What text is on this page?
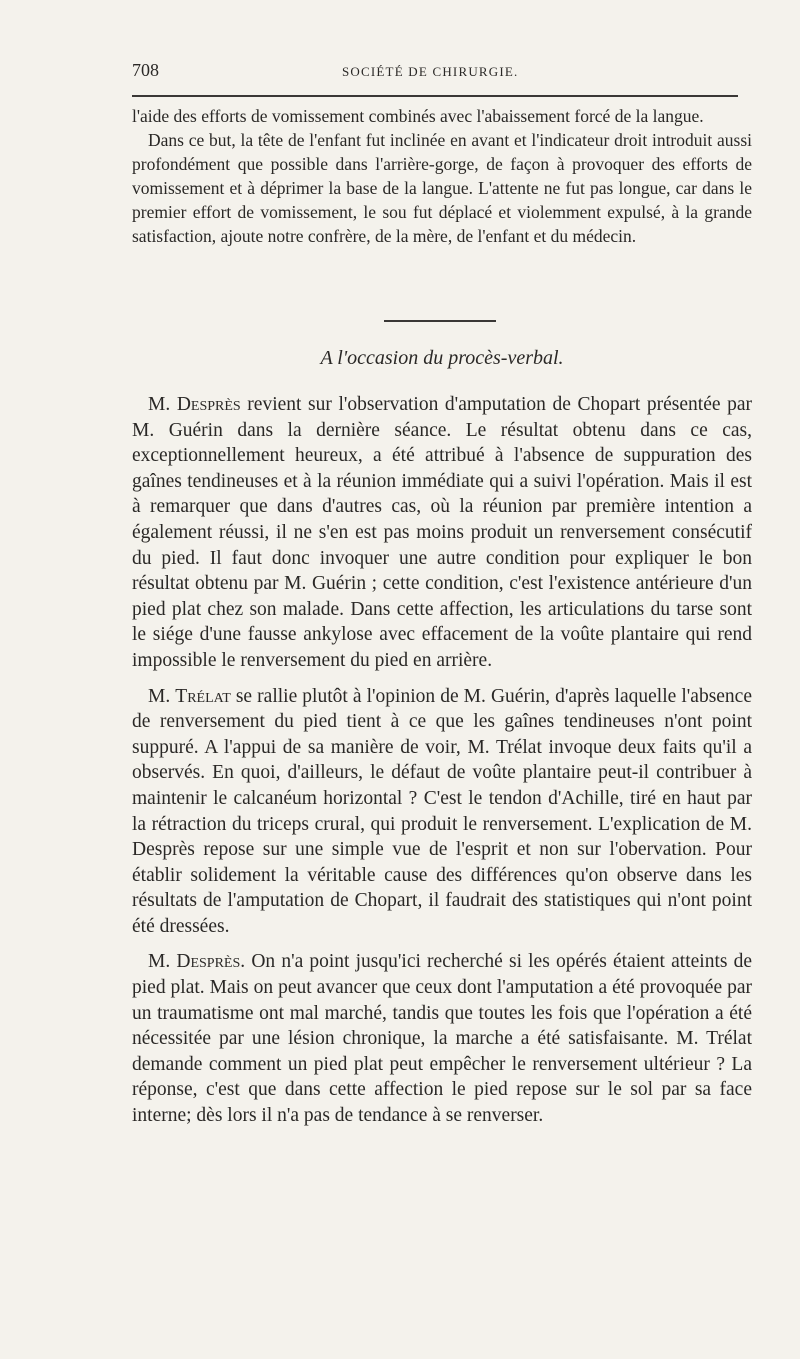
708	SOCIÉTÉ DE CHIRURGIE.

l'aide des efforts de vomissement combinés avec l'abaissement forcé de la langue.

Dans ce but, la tête de l'enfant fut inclinée en avant et l'indicateur droit introduit aussi profondément que possible dans l'arrière-gorge, de façon à provoquer des efforts de vomissement et à déprimer la base de la langue. L'attente ne fut pas longue, car dans le premier effort de vomissement, le sou fut déplacé et violemment expulsé, à la grande satisfaction, ajoute notre confrère, de la mère, de l'enfant et du médecin.

A l'occasion du procès-verbal.

M. Desprès revient sur l'observation d'amputation de Chopart présentée par M. Guérin dans la dernière séance. Le résultat obtenu dans ce cas, exceptionnellement heureux, a été attribué à l'absence de suppuration des gaînes tendineuses et à la réunion immédiate qui a suivi l'opération. Mais il est à remarquer que dans d'autres cas, où la réunion par première intention a également réussi, il ne s'en est pas moins produit un renversement consécutif du pied. Il faut donc invoquer une autre condition pour expliquer le bon résultat obtenu par M. Guérin ; cette condition, c'est l'existence antérieure d'un pied plat chez son malade. Dans cette affection, les articulations du tarse sont le siége d'une fausse ankylose avec effacement de la voûte plantaire qui rend impossible le renversement du pied en arrière.

M. Trélat se rallie plutôt à l'opinion de M. Guérin, d'après laquelle l'absence de renversement du pied tient à ce que les gaînes tendineuses n'ont point suppuré. A l'appui de sa manière de voir, M. Trélat invoque deux faits qu'il a observés. En quoi, d'ailleurs, le défaut de voûte plantaire peut-il contribuer à maintenir le calcanéum horizontal ? C'est le tendon d'Achille, tiré en haut par la rétraction du triceps crural, qui produit le renversement. L'explication de M. Desprès repose sur une simple vue de l'esprit et non sur l'obervation. Pour établir solidement la véritable cause des différences qu'on observe dans les résultats de l'amputation de Chopart, il faudrait des statistiques qui n'ont point été dressées.

M. Desprès. On n'a point jusqu'ici recherché si les opérés étaient atteints de pied plat. Mais on peut avancer que ceux dont l'amputation a été provoquée par un traumatisme ont mal marché, tandis que toutes les fois que l'opération a été nécessitée par une lésion chronique, la marche a été satisfaisante. M. Trélat demande comment un pied plat peut empêcher le renversement ultérieur ? La réponse, c'est que dans cette affection le pied repose sur le sol par sa face interne; dès lors il n'a pas de tendance à se renverser.
